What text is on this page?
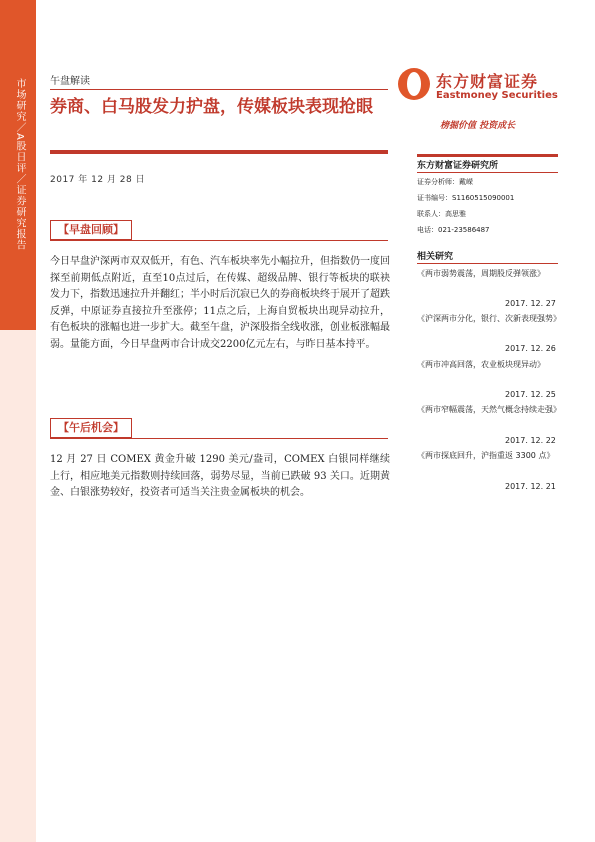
市场研究／A股日评／证券研究报告	午盘解读
券商、白马股发力护盘，传媒板块表现抢眼
2017 年 12 月 28 日
【早盘回顾】
今日早盘沪深两市双双低开，有色、汽车板块率先小幅拉升，但指数仍一度回探至前期低点附近，直至10点过后，在传媒、超级品牌、银行等板块的联袂发力下，指数迅速拉升并翻红；半小时后沉寂已久的券商板块终于展开了超跌反弹，中原证券直接拉升至涨停；11点之后，上海自贸板块出现异动拉升，有色板块的涨幅也进一步扩大。截至午盘，沪深股指全线收涨，创业板涨幅最弱。量能方面，今日早盘两市合计成交2200亿元左右，与昨日基本持平。
【午后机会】
12 月 27 日 COMEX 黄金升破 1290 美元/盎司，COMEX 白银同样继续上行，相应地美元指数则持续回落，弱势尽显，当前已跌破 93 关口。近期黄金、白银涨势较好，投资者可适当关注贵金属板块的机会。
东方财富证券
Eastmoney Securities
榜掘价值 投资成长
东方财富证券研究所
证券分析师：戴嵘
证书编号：S1160515090001
联系人：高思雅
电话：021-23586487
相关研究
《两市弱势震荡，周期股反弹领涨》
2017. 12. 27
《沪深两市分化，银行、次新表现强势》
2017. 12. 26
《两市冲高回落，农业板块现异动》
2017. 12. 25
《两市窄幅震荡，天然气概念持续走强》
2017. 12. 22
《两市探底回升，沪指重返 3300 点》
2017. 12. 21
